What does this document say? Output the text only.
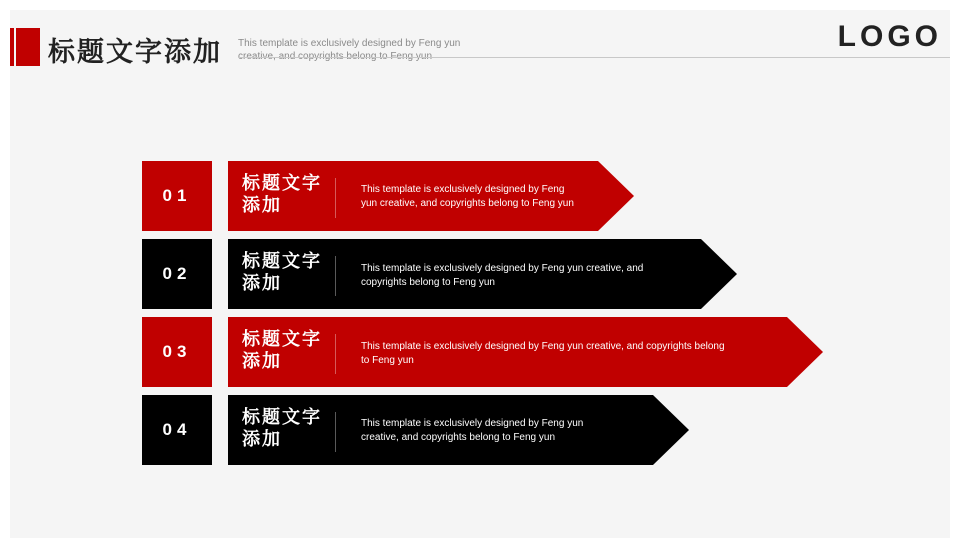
标题文字添加 This template is exclusively designed by Feng yun	LOGO
01
标题文字添加
This template is exclusively designed by Feng yun creative, and copyrights belong to Feng yun
02
标题文字添加
This template is exclusively designed by Feng yun creative, and copyrights belong to Feng yun
03
标题文字添加
This template is exclusively designed by Feng yun creative, and copyrights belong to Feng yun
04
标题文字添加
This template is exclusively designed by Feng yun creative, and copyrights belong to Feng yun
